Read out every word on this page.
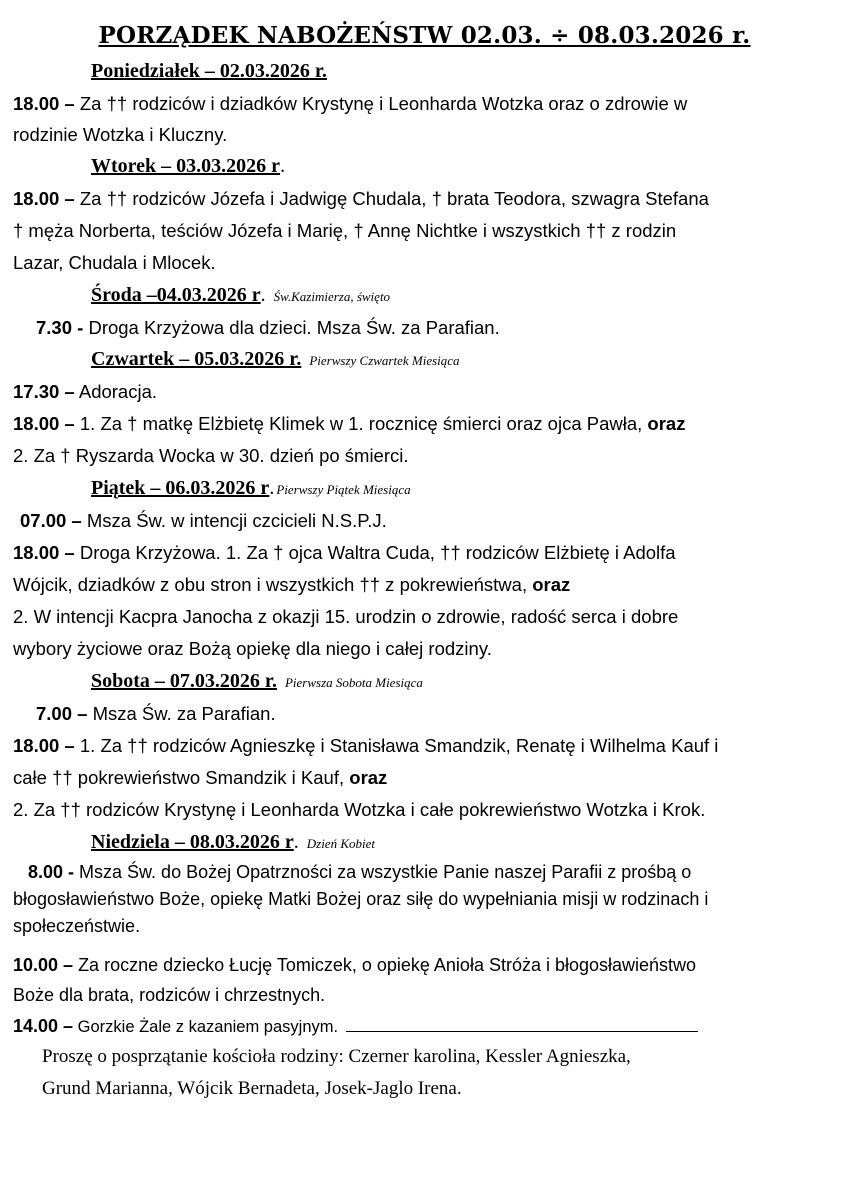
PORZĄDEK NABOŻEŃSTW 02.03. ÷ 08.03.2026 r.
Poniedziałek – 02.03.2026 r.
18.00 – Za †† rodziców i dziadków Krystynę i Leonharda Wotzka oraz o zdrowie w
rodzinie Wotzka i Kluczny.
Wtorek – 03.03.2026 r.
18.00 – Za †† rodziców Józefa i Jadwigę Chudala, † brata Teodora, szwagra Stefana
† męża Norberta, teściów Józefa i Marię, † Annę Nichtke i wszystkich †† z rodzin
Lazar, Chudala i Mlocek.
Środa –04.03.2026 r. Św.Kazimierza, święto
7.30 - Droga Krzyżowa dla dzieci. Msza Św. za Parafian.
Czwartek – 05.03.2026 r. Pierwszy Czwartek Miesiąca
17.30 – Adoracja.
18.00 – 1. Za † matkę Elżbietę Klimek w 1. rocznicę śmierci oraz ojca Pawła, oraz
2. Za † Ryszarda Wocka w 30. dzień po śmierci.
Piątek – 06.03.2026 r. Pierwszy Piątek Miesiąca
07.00 – Msza Św. w intencji czcicieli N.S.P.J.
18.00 – Droga Krzyżowa. 1. Za † ojca Waltra Cuda, †† rodziców Elżbietę i Adolfa
Wójcik, dziadków z obu stron i wszystkich †† z pokrewieństwa, oraz
2. W intencji Kacpra Janocha z okazji 15. urodzin o zdrowie, radość serca i dobre
wybory życiowe oraz Bożą opiekę dla niego i całej rodziny.
Sobota – 07.03.2026 r. Pierwsza Sobota Miesiąca
7.00 – Msza Św. za Parafian.
18.00 – 1. Za †† rodziców Agnieszkę i Stanisława Smandzik, Renatę i Wilhelma Kauf i
całe †† pokrewieństwo Smandzik i Kauf, oraz
2. Za †† rodziców Krystynę i Leonharda Wotzka i całe pokrewieństwo Wotzka i Krok.
Niedziela – 08.03.2026 r. Dzień Kobiet
8.00 - Msza Św. do Bożej Opatrzności za wszystkie Panie naszej Parafii z prośbą o
błogosławieństwo Boże, opiekę Matki Bożej oraz siłę do wypełniania misji w rodzinach i
społeczeństwie.
10.00 – Za roczne dziecko Łucję Tomiczek, o opiekę Anioła Stróża i błogosławieństwo
Boże dla brata, rodziców i chrzestnych.
14.00 – Gorzkie Żale z kazaniem pasyjnym.
Proszę o posprzątanie kościoła rodziny: Czerner karolina, Kessler Agnieszka,
Grund Marianna, Wójcik Bernadeta, Josek-Jaglo Irena.
